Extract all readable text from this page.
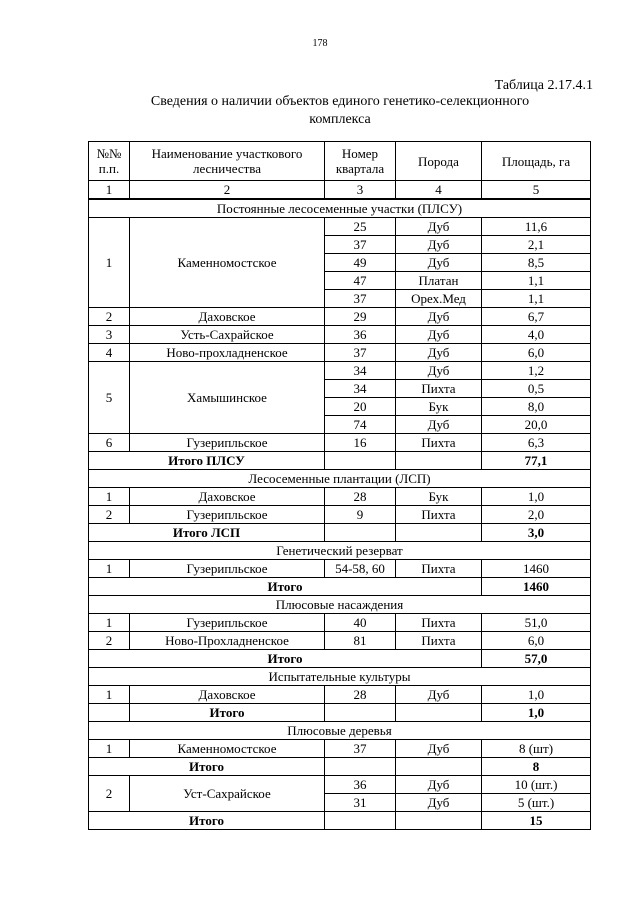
178
Таблица 2.17.4.1
Сведения о наличии объектов единого генетико-селекционного
комплекса
№№ п.п.	Наименование участкового лесничества	Номер квартала	Порода	Площадь, га
1	2	3	4	5
Постоянные лесосеменные участки (ПЛСУ)				
1	Каменномостское	25	Дуб	11,6
		37	Дуб	2,1
		49	Дуб	8,5
		47	Платан	1,1
		37	Орех.Мед	1,1
2	Даховское	29	Дуб	6,7
3	Усть-Сахрайское	36	Дуб	4,0
4	Ново-прохладненское	37	Дуб	6,0
5	Хамышинское	34	Дуб	1,2
		34	Пихта	0,5
		20	Бук	8,0
		74	Дуб	20,0
6	Гузерипльское	16	Пихта	6,3
Итого ПЛСУ				77,1
Лесосеменные плантации (ЛСП)				
1	Даховское	28	Бук	1,0
2	Гузерипльское	9	Пихта	2,0
Итого ЛСП				3,0
Генетический резерват				
1	Гузерипльское	54-58, 60	Пихта	1460
Итого				1460
Плюсовые насаждения				
1	Гузерипльское	40	Пихта	51,0
2	Ново-Прохладненское	81	Пихта	6,0
Итого				57,0
Испытательные культуры				
1	Даховское	28	Дуб	1,0
	Итого			1,0
Плюсовые деревья				
1	Каменномостское	37	Дуб	8 (шт)
Итого				8
2	Уст-Сахрайское	36	Дуб	10 (шт.)
		31	Дуб	5 (шт.)
Итого				15
